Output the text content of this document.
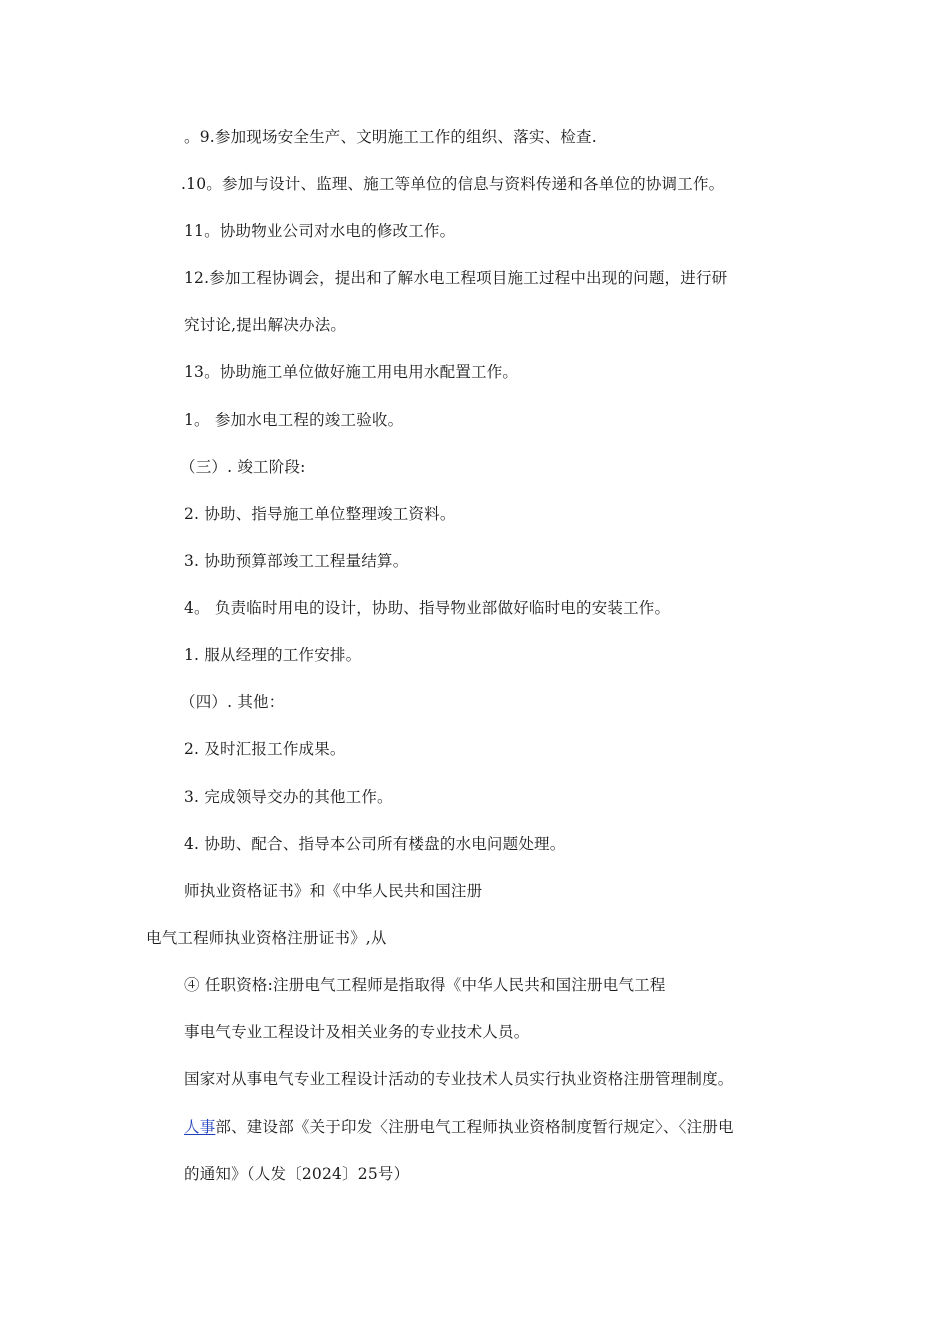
。9.参加现场安全生产、文明施工工作的组织、落实、检查.
.10。参加与设计、监理、施工等单位的信息与资料传递和各单位的协调工作。
11。协助物业公司对水电的修改工作。
12.参加工程协调会，提出和了解水电工程项目施工过程中出现的问题，进行研
究讨论,提出解决办法。
13。协助施工单位做好施工用电用水配置工作。
1。 参加水电工程的竣工验收。
（三）. 竣工阶段:
2. 协助、指导施工单位整理竣工资料。
3. 协助预算部竣工工程量结算。
4。 负责临时用电的设计，协助、指导物业部做好临时电的安装工作。
1. 服从经理的工作安排。
（四）. 其他：
2. 及时汇报工作成果。
3. 完成领导交办的其他工作。
4. 协助、配合、指导本公司所有楼盘的水电问题处理。
师执业资格证书》和《中华人民共和国注册
电气工程师执业资格注册证书》,从
④ 任职资格:注册电气工程师是指取得《中华人民共和国注册电气工程
事电气专业工程设计及相关业务的专业技术人员。
国家对从事电气专业工程设计活动的专业技术人员实行执业资格注册管理制度。
人事部、建设部《关于印发〈注册电气工程师执业资格制度暂行规定〉、〈注册电
的通知》（人发〔2024〕25号）
